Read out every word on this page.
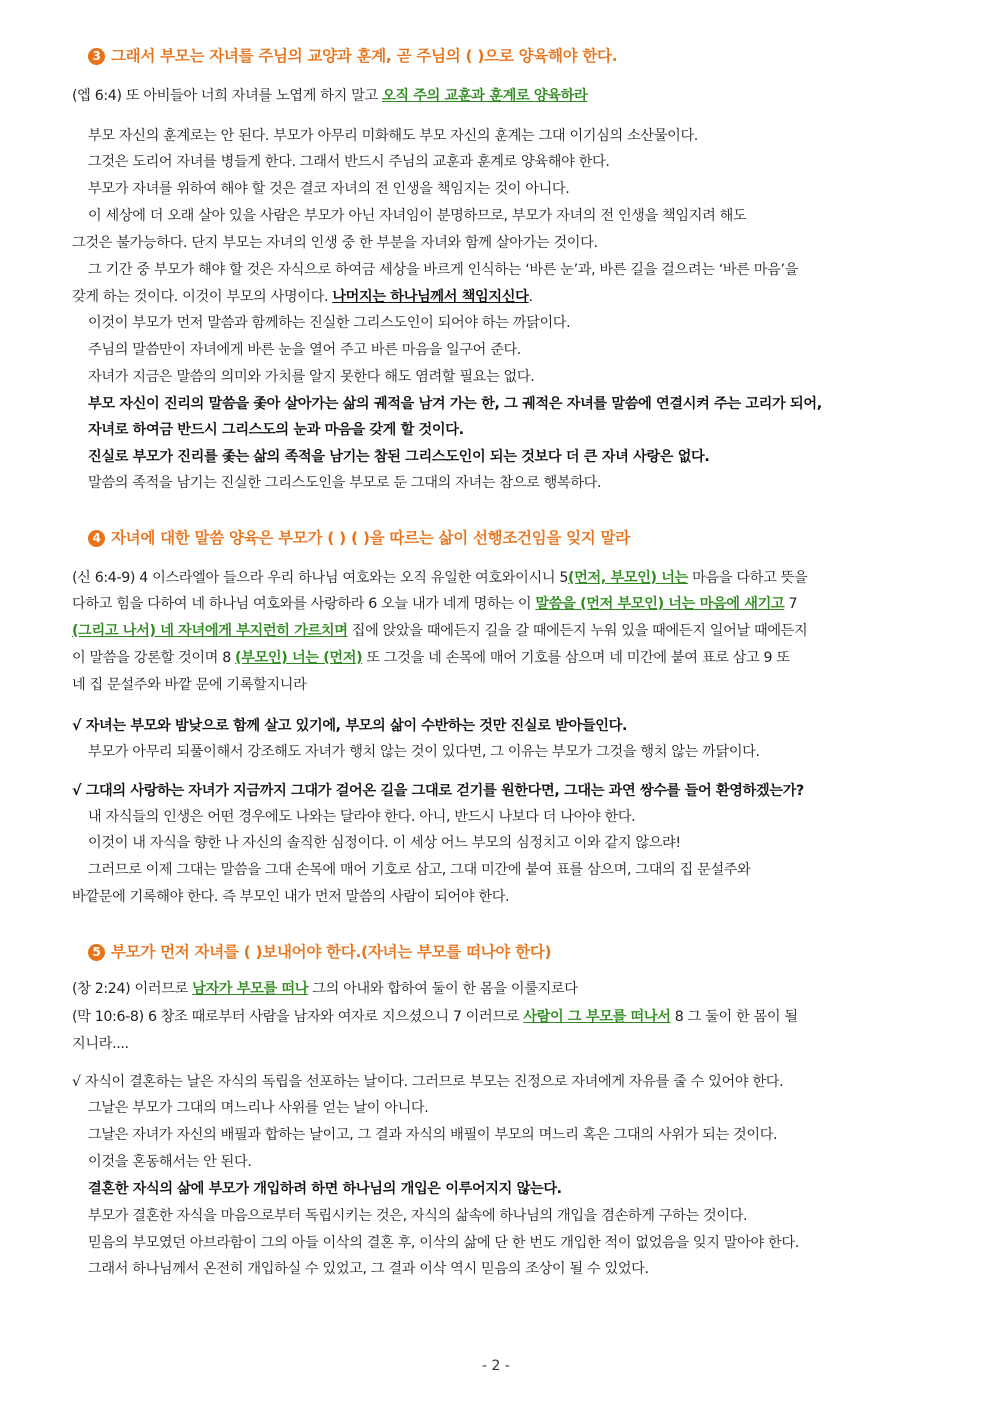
3 그래서 부모는 자녀를 주님의 교양과 훈계, 곧 주님의 ( )으로 양육해야 한다.
(엡 6:4) 또 아비들아 너희 자녀를 노엽게 하지 말고 오직 주의 교훈과 훈계로 양육하라
부모 자신의 훈계로는 안 된다. 부모가 아무리 미화해도 부모 자신의 훈계는 그대 이기심의 소산물이다.
그것은 도리어 자녀를 병들게 한다. 그래서 반드시 주님의 교훈과 훈계로 양육해야 한다.
부모가 자녀를 위하여 해야 할 것은 결코 자녀의 전 인생을 책임지는 것이 아니다.
이 세상에 더 오래 살아 있을 사람은 부모가 아닌 자녀임이 분명하므로, 부모가 자녀의 전 인생을 책임지려 해도
그것은 불가능하다. 단지 부모는 자녀의 인생 중 한 부분을 자녀와 함께 살아가는 것이다.
그 기간 중 부모가 해야 할 것은 자식으로 하여금 세상을 바르게 인식하는 ‘바른 눈’과, 바른 길을 걸으려는 ‘바른 마음’을
갖게 하는 것이다. 이것이 부모의 사명이다. 나머지는 하나님께서 책임지신다.
이것이 부모가 먼저 말씀과 함께하는 진실한 그리스도인이 되어야 하는 까닭이다.
주님의 말씀만이 자녀에게 바른 눈을 열어 주고 바른 마음을 일구어 준다.
자녀가 지금은 말씀의 의미와 가치를 알지 못한다 해도 염려할 필요는 없다.
부모 자신이 진리의 말씀을 좇아 살아가는 삶의 궤적을 남겨 가는 한, 그 궤적은 자녀를 말씀에 연결시켜 주는 고리가 되어,
자녀로 하여금 반드시 그리스도의 눈과 마음을 갖게 할 것이다.
진실로 부모가 진리를 좇는 삶의 족적을 남기는 참된 그리스도인이 되는 것보다 더 큰 자녀 사랑은 없다.
말씀의 족적을 남기는 진실한 그리스도인을 부모로 둔 그대의 자녀는 참으로 행복하다.
4 자녀에 대한 말씀 양육은 부모가 ( ) ( )을 따르는 삶이 선행조건임을 잊지 말라
(신 6:4-9) 4 이스라엘아 들으라 우리 하나님 여호와는 오직 유일한 여호와이시니 5(먼저, 부모인) 너는 마음을 다하고 뜻을
다하고 힘을 다하여 네 하나님 여호와를 사랑하라 6 오늘 내가 네게 명하는 이 말씀을 (먼저 부모인) 너는 마음에 새기고 7
(그리고 나서) 네 자녀에게 부지런히 가르치며 집에 앉았을 때에든지 길을 갈 때에든지 누워 있을 때에든지 일어날 때에든지
이 말씀을 강론할 것이며 8 (부모인) 너는 (먼저) 또 그것을 네 손목에 매어 기호를 삼으며 네 미간에 붙여 표로 삼고 9 또
네 집 문설주와 바깥 문에 기록할지니라
√ 자녀는 부모와 밤낮으로 함께 살고 있기에, 부모의 삶이 수반하는 것만 진실로 받아들인다.
부모가 아무리 되풀이해서 강조해도 자녀가 행치 않는 것이 있다면, 그 이유는 부모가 그것을 행치 않는 까닭이다.
√ 그대의 사랑하는 자녀가 지금까지 그대가 걸어온 길을 그대로 걷기를 원한다면, 그대는 과연 쌍수를 들어 환영하겠는가?
내 자식들의 인생은 어떤 경우에도 나와는 달라야 한다. 아니, 반드시 나보다 더 나아야 한다.
이것이 내 자식을 향한 나 자신의 솔직한 심정이다. 이 세상 어느 부모의 심정치고 이와 같지 않으랴!
그러므로 이제 그대는 말씀을 그대 손목에 매어 기호로 삼고, 그대 미간에 붙여 표를 삼으며, 그대의 집 문설주와
바깥문에 기록해야 한다. 즉 부모인 내가 먼저 말씀의 사람이 되어야 한다.
5 부모가 먼저 자녀를 ( )보내어야 한다.(자녀는 부모를 떠나야 한다)
(창 2:24) 이러므로 남자가 부모를 떠나 그의 아내와 합하여 둘이 한 몸을 이룰지로다
(막 10:6-8) 6 창조 때로부터 사람을 남자와 여자로 지으셨으니 7 이러므로 사람이 그 부모를 떠나서 8 그 둘이 한 몸이 될
지니라....
√ 자식이 결혼하는 날은 자식의 독립을 선포하는 날이다. 그러므로 부모는 진정으로 자녀에게 자유를 줄 수 있어야 한다.
그날은 부모가 그대의 며느리나 사위를 얻는 날이 아니다.
그날은 자녀가 자신의 배필과 합하는 날이고, 그 결과 자식의 배필이 부모의 며느리 혹은 그대의 사위가 되는 것이다.
이것을 혼동해서는 안 된다.
결혼한 자식의 삶에 부모가 개입하려 하면 하나님의 개입은 이루어지지 않는다.
부모가 결혼한 자식을 마음으로부터 독립시키는 것은, 자식의 삶속에 하나님의 개입을 겸손하게 구하는 것이다.
믿음의 부모였던 아브라함이 그의 아들 이삭의 결혼 후, 이삭의 삶에 단 한 번도 개입한 적이 없었음을 잊지 말아야 한다.
그래서 하나님께서 온전히 개입하실 수 있었고, 그 결과 이삭 역시 믿음의 조상이 될 수 있었다.
- 2 -
